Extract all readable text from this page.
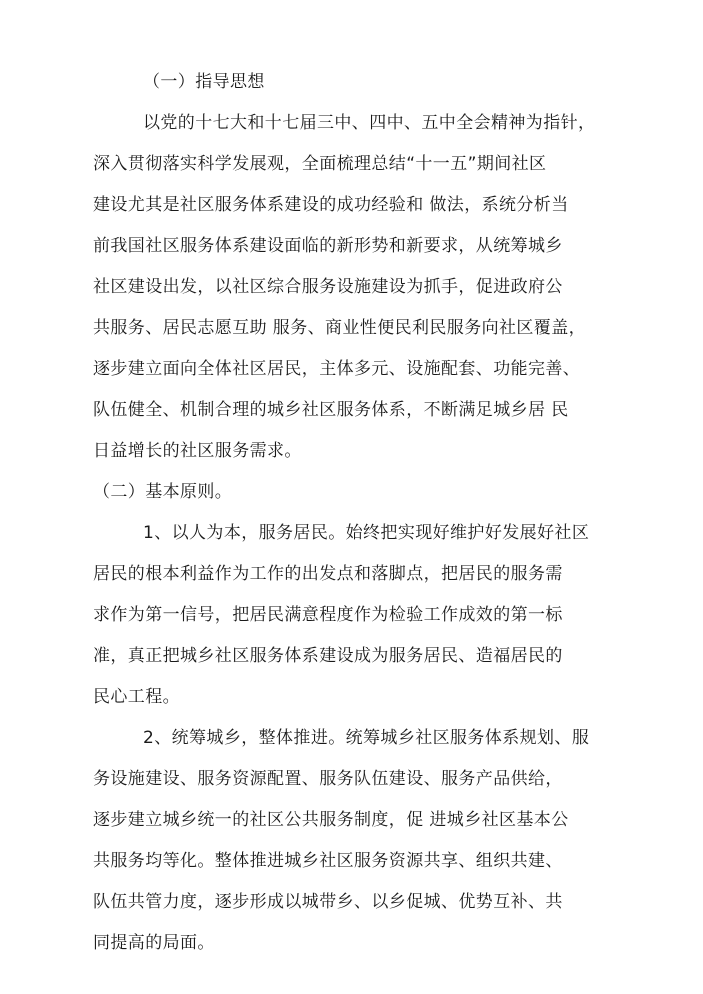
（一）指导思想
以党的十七大和十七届三中、四中、五中全会精神为指针，
深入贯彻落实科学发展观，全面梳理总结“十一五”期间社区
建设尤其是社区服务体系建设的成功经验和 做法，系统分析当
前我国社区服务体系建设面临的新形势和新要求，从统筹城乡
社区建设出发，以社区综合服务设施建设为抓手，促进政府公
共服务、居民志愿互助 服务、商业性便民利民服务向社区覆盖，
逐步建立面向全体社区居民，主体多元、设施配套、功能完善、
队伍健全、机制合理的城乡社区服务体系，不断满足城乡居 民
日益增长的社区服务需求。
（二）基本原则。
1、以人为本，服务居民。始终把实现好维护好发展好社区
居民的根本利益作为工作的出发点和落脚点，把居民的服务需
求作为第一信号，把居民满意程度作为检验工作成效的第一标
准，真正把城乡社区服务体系建设成为服务居民、造福居民的
民心工程。
2、统筹城乡，整体推进。统筹城乡社区服务体系规划、服
务设施建设、服务资源配置、服务队伍建设、服务产品供给，
逐步建立城乡统一的社区公共服务制度，促 进城乡社区基本公
共服务均等化。整体推进城乡社区服务资源共享、组织共建、
队伍共管力度，逐步形成以城带乡、以乡促城、优势互补、共
同提高的局面。
